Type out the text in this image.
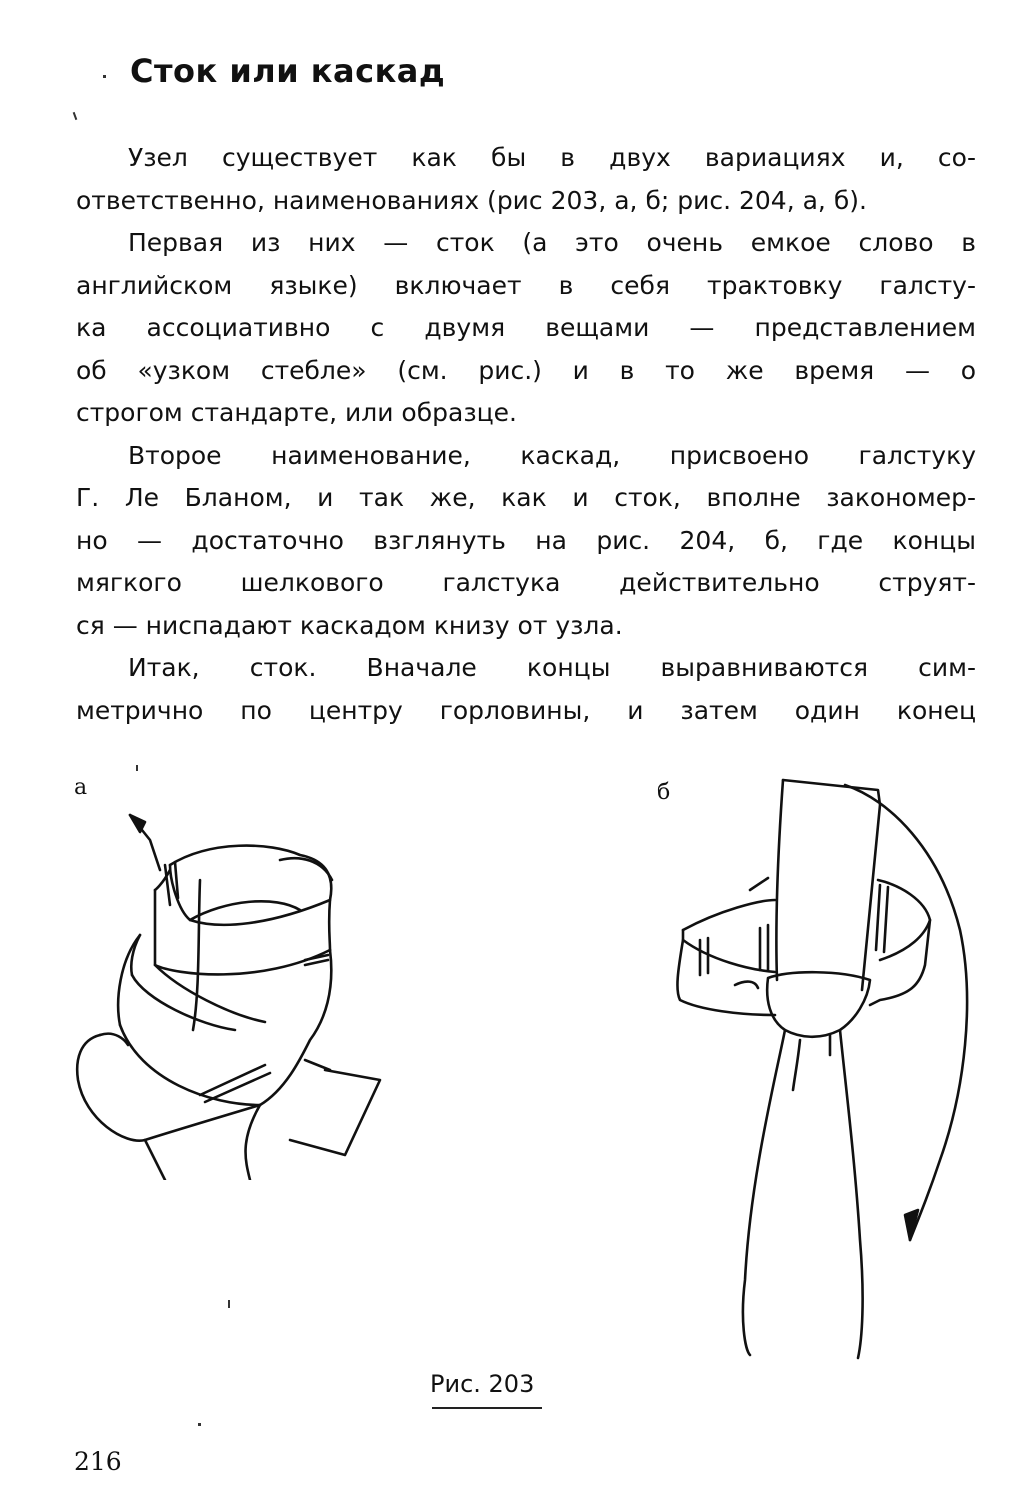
Сток или каскад
Узел существует как бы в двух вариациях и, со-
ответственно, наименованиях (рис 203, а, б; рис. 204, а, б).
Первая из них — сток (а это очень емкое слово в
английском языке) включает в себя трактовку галсту-
ка ассоциативно с двумя вещами — представлением
об «узком стебле» (см. рис.) и в то же время — о
строгом стандарте, или образце.
Второе наименование, каскад, присвоено галстуку
Г. Ле Бланом, и так же, как и сток, вполне закономер-
но — достаточно взглянуть на рис. 204, б, где концы
мягкого шелкового галстука действительно струят-
ся — ниспадают каскадом книзу от узла.
Итак, сток. Вначале концы выравниваются сим-
метрично по центру горловины, и затем один конец
а	б
Рис. 203
216
